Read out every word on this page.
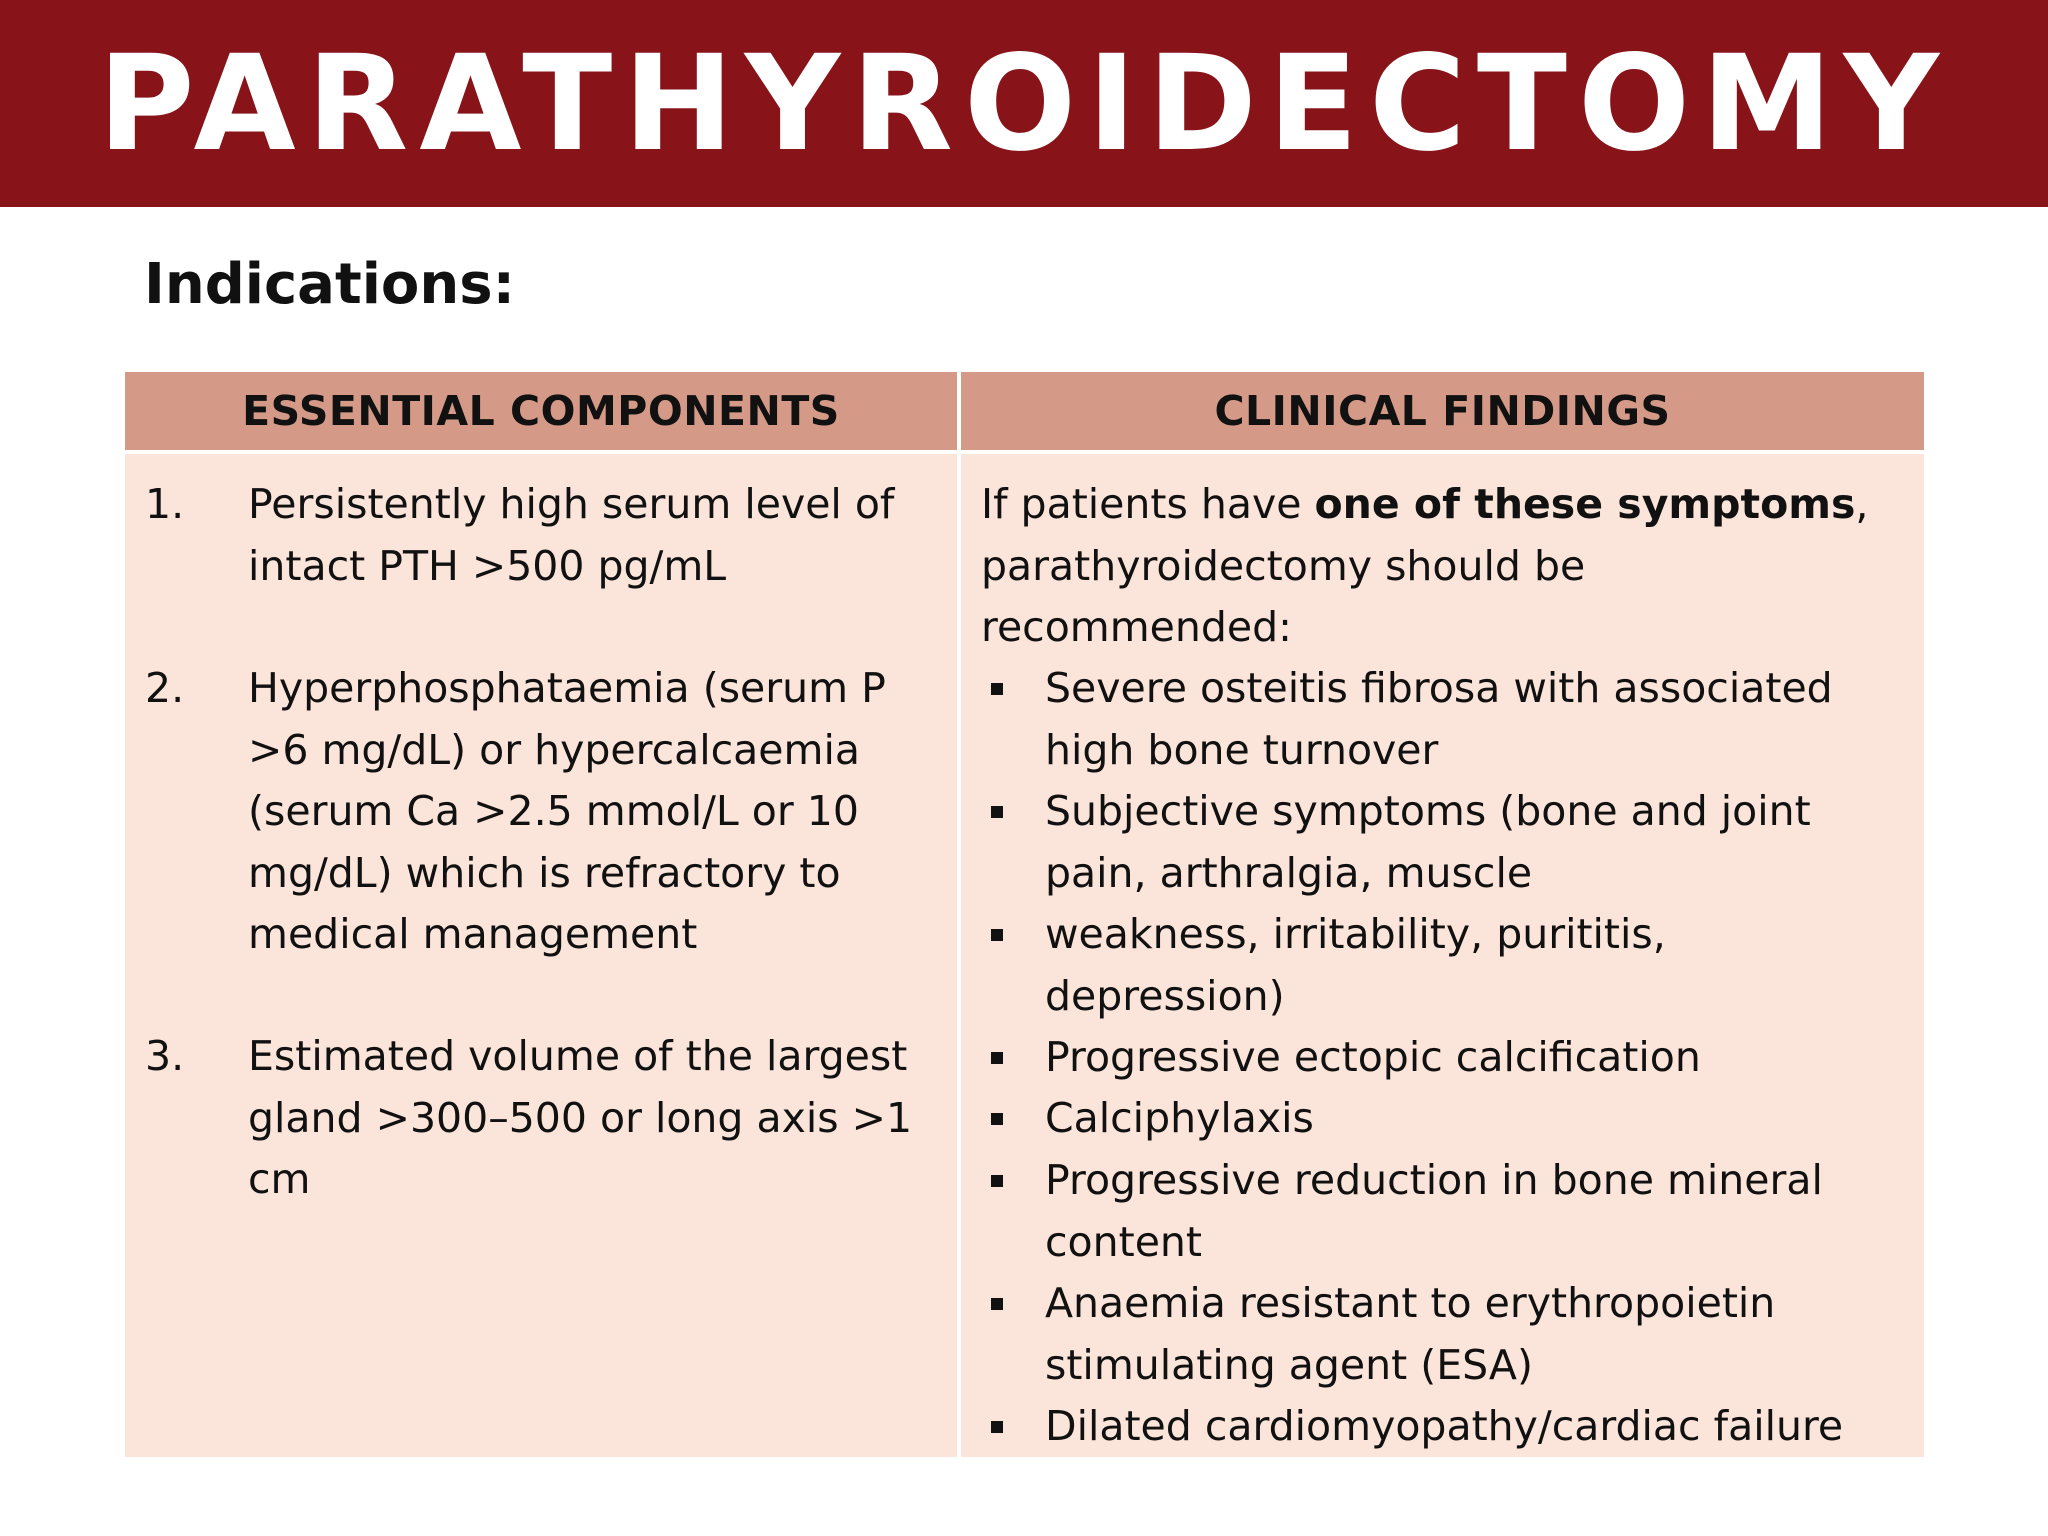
PARATHYROIDECTOMY
Indications:
ESSENTIAL COMPONENTS	CLINICAL FINDINGS
1. Persistently high serum level of
intact PTH >500 pg/mL
2. Hyperphosphataemia (serum P
>6 mg/dL) or hypercalcaemia
(serum Ca >2.5 mmol/L or 10
mg/dL) which is refractory to
medical management
3. Estimated volume of the largest
gland >300–500 or long axis >1
cm
If patients have one of these symptoms,
parathyroidectomy should be
recommended:
Severe osteitis fibrosa with associated
high bone turnover
Subjective symptoms (bone and joint
pain, arthralgia, muscle
weakness, irritability, purititis,
depression)
Progressive ectopic calcification
Calciphylaxis
Progressive reduction in bone mineral
content
Anaemia resistant to erythropoietin
stimulating agent (ESA)
Dilated cardiomyopathy/cardiac failure
